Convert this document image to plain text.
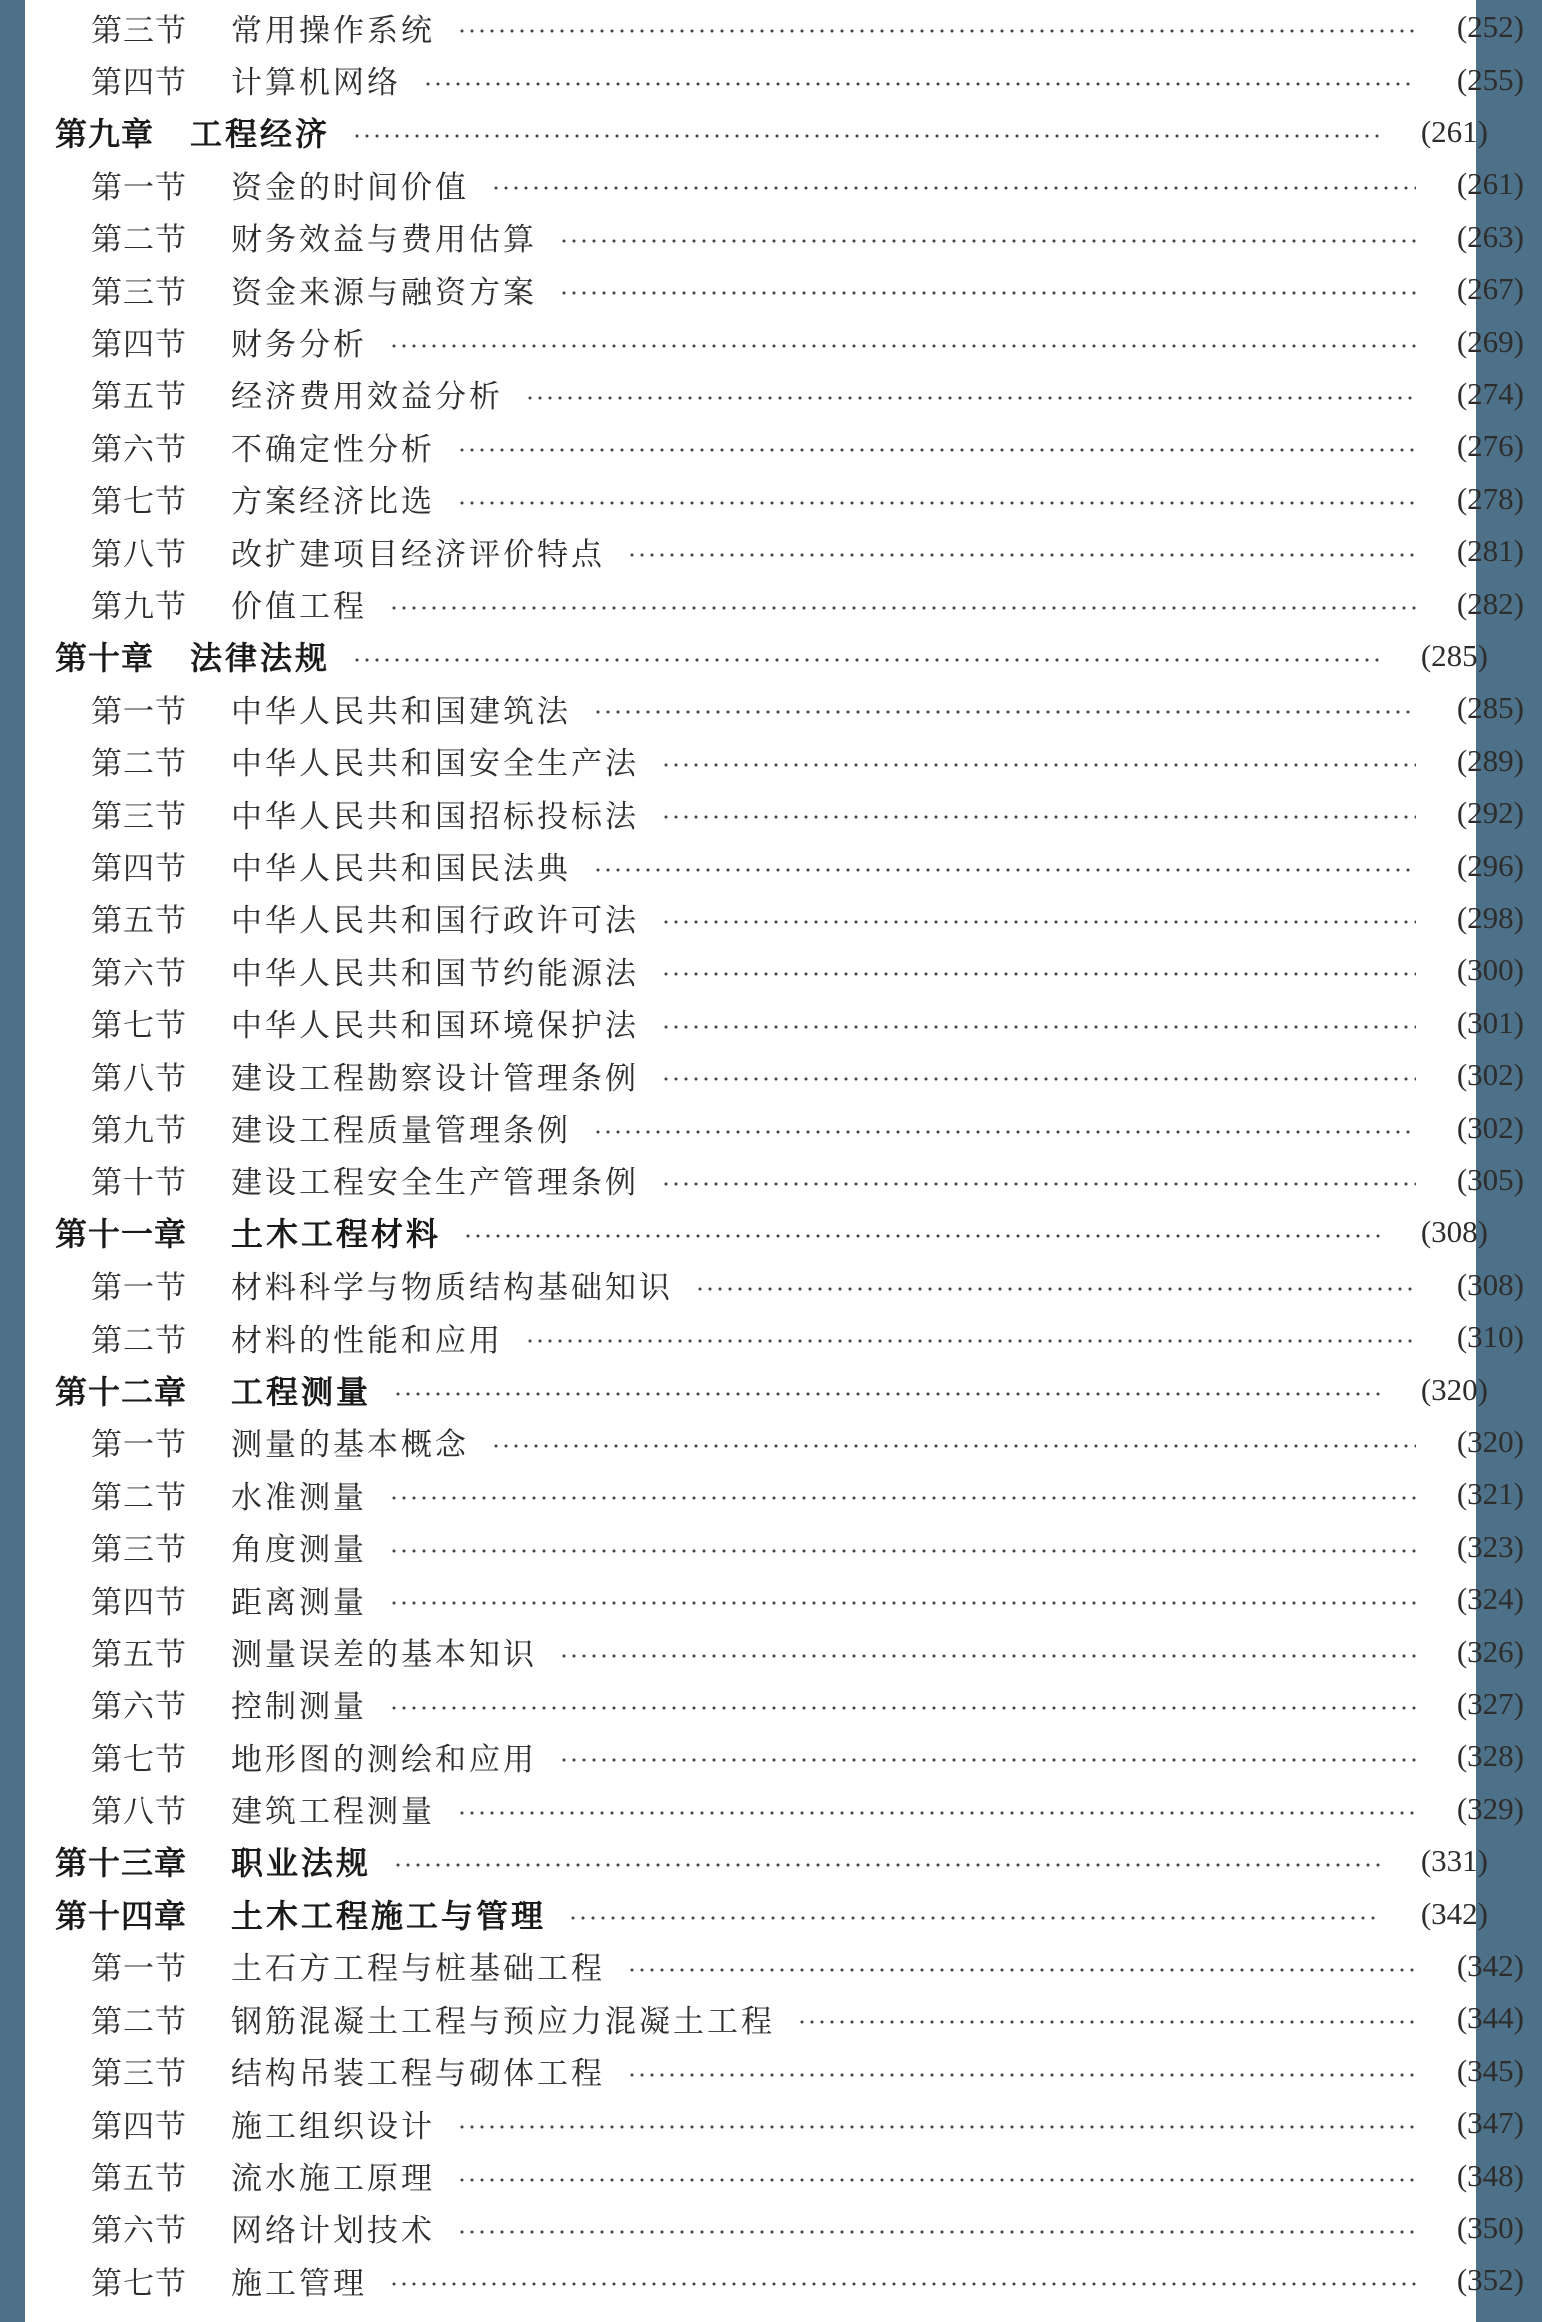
第三节	常用操作系统	(252)
第四节	计算机网络	(255)
第九章 工程经济	(261)
第一节	资金的时间价值	(261)
第二节	财务效益与费用估算	(263)
第三节	资金来源与融资方案	(267)
第四节	财务分析	(269)
第五节	经济费用效益分析	(274)
第六节	不确定性分析	(276)
第七节	方案经济比选	(278)
第八节	改扩建项目经济评价特点	(281)
第九节	价值工程	(282)
第十章 法律法规	(285)
第一节	中华人民共和国建筑法	(285)
第二节	中华人民共和国安全生产法	(289)
第三节	中华人民共和国招标投标法	(292)
第四节	中华人民共和国民法典	(296)
第五节	中华人民共和国行政许可法	(298)
第六节	中华人民共和国节约能源法	(300)
第七节	中华人民共和国环境保护法	(301)
第八节	建设工程勘察设计管理条例	(302)
第九节	建设工程质量管理条例	(302)
第十节	建设工程安全生产管理条例	(305)
第十一章	土木工程材料	(308)
第一节	材料科学与物质结构基础知识	(308)
第二节	材料的性能和应用	(310)
第十二章	工程测量	(320)
第一节	测量的基本概念	(320)
第二节	水准测量	(321)
第三节	角度测量	(323)
第四节	距离测量	(324)
第五节	测量误差的基本知识	(326)
第六节	控制测量	(327)
第七节	地形图的测绘和应用	(328)
第八节	建筑工程测量	(329)
第十三章	职业法规	(331)
第十四章	土木工程施工与管理	(342)
第一节	土石方工程与桩基础工程	(342)
第二节	钢筋混凝土工程与预应力混凝土工程	(344)
第三节	结构吊装工程与砌体工程	(345)
第四节	施工组织设计	(347)
第五节	流水施工原理	(348)
第六节	网络计划技术	(350)
第七节	施工管理	(352)
